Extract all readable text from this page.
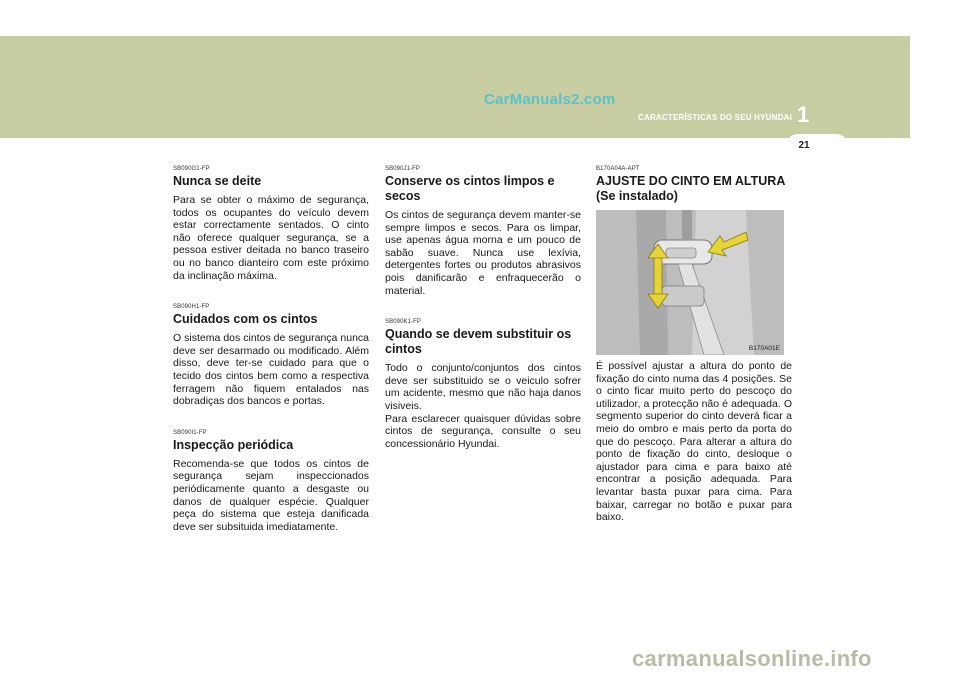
CarManuals2.com
CARACTERÍSTICAS DO SEU HYUNDAI 1
21

SB090G1-FP

Nunca se deite

Para se obter o máximo de segurança, todos os ocupantes do veículo devem estar correctamente sentados. O cinto não oferece qualquer segurança, se a pessoa estiver deitada no banco traseiro ou no banco dianteiro com este próximo da inclinação máxima.

SB090H1-FP

Cuidados com os cintos

O sistema dos cintos de segurança nunca deve ser desarmado ou modificado. Além disso, deve ter-se cuidado para que o tecido dos cintos bem como a respectiva ferragem não fiquem entalados nas dobradiças dos bancos e portas.

SB090I1-FP

Inspecção periódica

Recomenda-se que todos os cintos de segurança sejam inspeccionados periódicamente quanto a desgaste ou danos de qualquer espécie. Qualquer peça do sistema que esteja danificada deve ser subsituida imediatamente.

SB090J1-FP

Conserve os cintos limpos e secos

Os cintos de segurança devem manter-se sempre limpos e secos. Para os limpar, use apenas água morna e um pouco de sabão suave. Nunca use lexívia, detergentes fortes ou produtos abrasivos pois danificarão e enfraquecerão o material.

SB090K1-FP

Quando se devem substituir os cintos

Todo o conjunto/conjuntos dos cintos deve ser substituido se o veiculo sofrer um acidente, mesmo que não haja danos visiveis.
Para esclarecer quaisquer dúvidas sobre cintos de segurança, consulte o seu concessionário Hyundai.

B170A04A-APT

AJUSTE DO CINTO EM ALTURA (Se instalado)

B170A01E

É possível ajustar a altura do ponto de fixação do cinto numa das 4 posições. Se o cinto ficar muito perto do pescoço do utilizador, a protecção não é adequada. O segmento superior do cinto deverá ficar a meio do ombro e mais perto da porta do que do pescoço. Para alterar a altura do ponto de fixação do cinto, desloque o ajustador para cima e para baixo até encontrar a posição adequada. Para levantar basta puxar para cima. Para baixar, carregar no botão e puxar para baixo.

carmanualsonline.info
